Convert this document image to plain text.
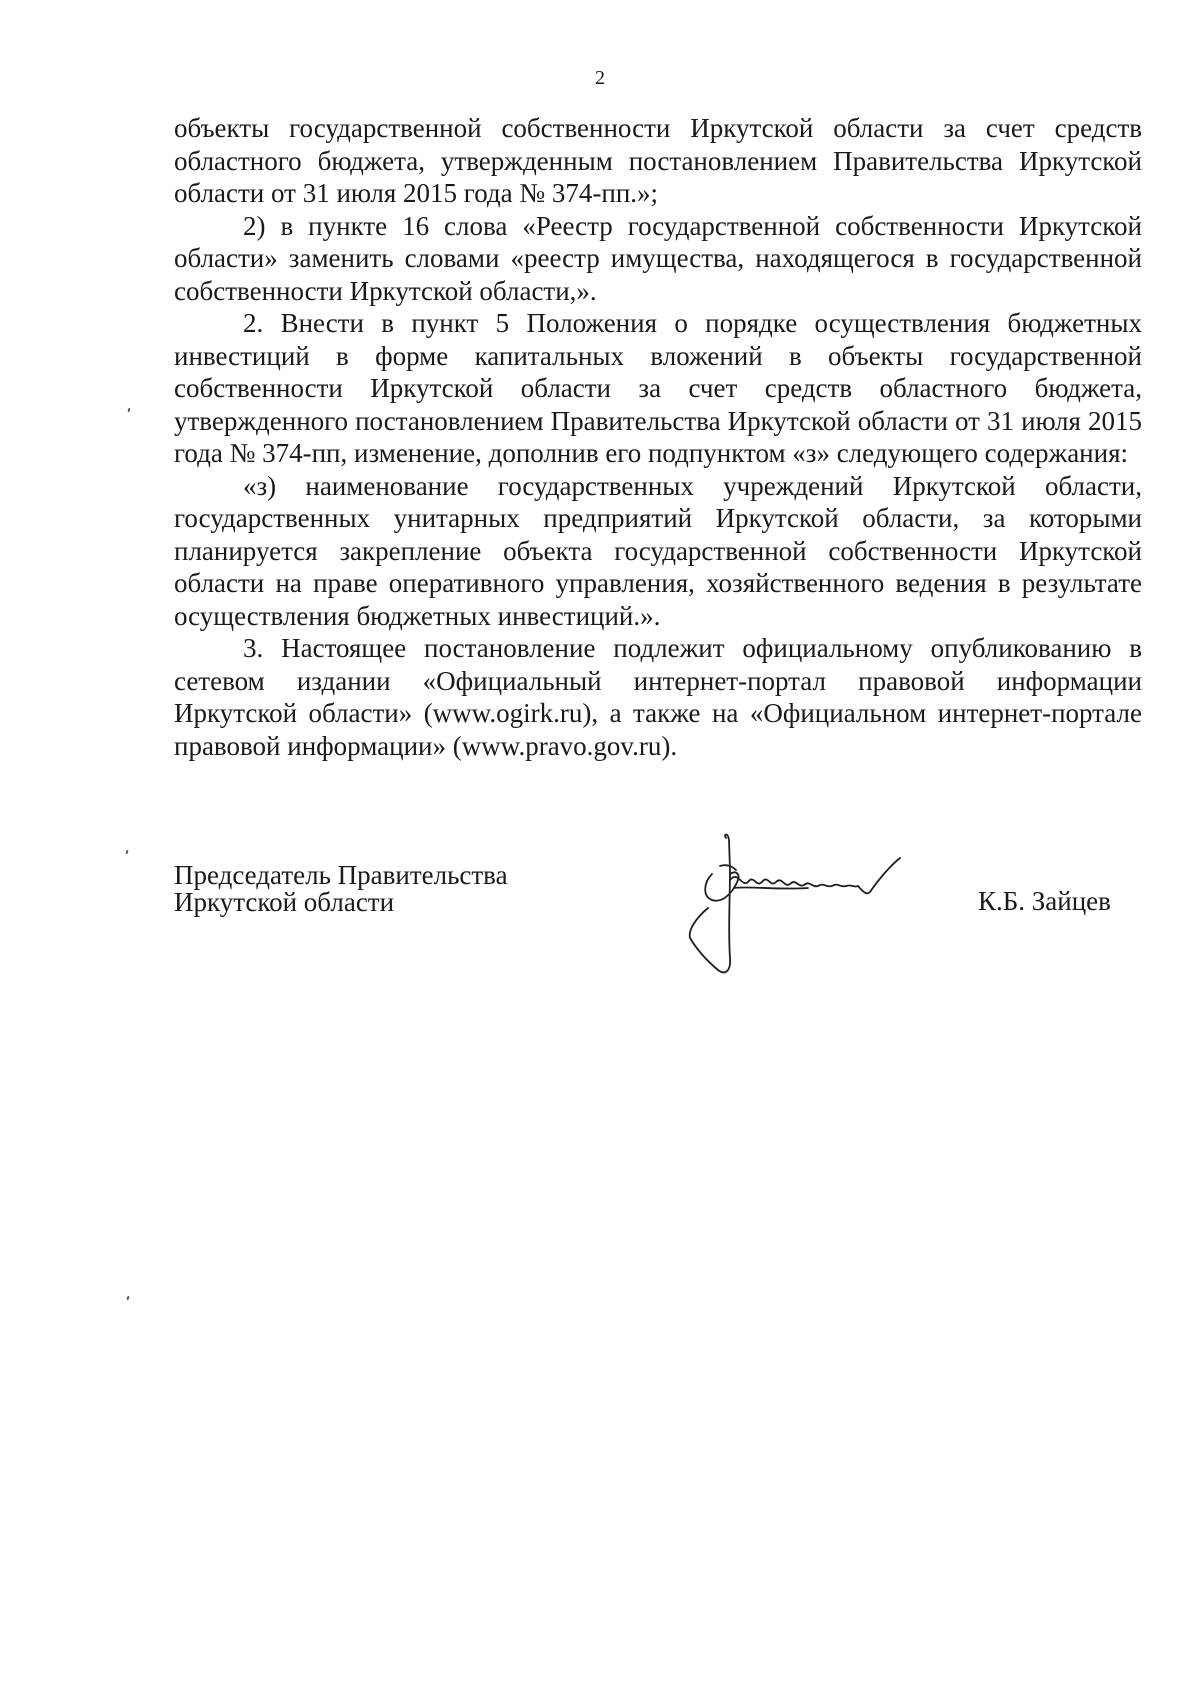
2

объекты государственной собственности Иркутской области за счет средств областного бюджета, утвержденным постановлением Правительства Иркутской области от 31 июля 2015 года № 374-пп.»;

2) в пункте 16 слова «Реестр государственной собственности Иркутской области» заменить словами «реестр имущества, находящегося в государственной собственности Иркутской области,».

2. Внести в пункт 5 Положения о порядке осуществления бюджетных инвестиций в форме капитальных вложений в объекты государственной собственности Иркутской области за счет средств областного бюджета, утвержденного постановлением Правительства Иркутской области от 31 июля 2015 года № 374-пп, изменение, дополнив его подпунктом «з» следующего содержания:

«з) наименование государственных учреждений Иркутской области, государственных унитарных предприятий Иркутской области, за которыми планируется закрепление объекта государственной собственности Иркутской области на праве оперативного управления, хозяйственного ведения в результате осуществления бюджетных инвестиций.».

3. Настоящее постановление подлежит официальному опубликованию в сетевом издании «Официальный интернет-портал правовой информации Иркутской области» (www.ogirk.ru), а также на «Официальном интернет-портале правовой информации» (www.pravo.gov.ru).

Председатель Правительства
Иркутской области	К.Б. Зайцев
